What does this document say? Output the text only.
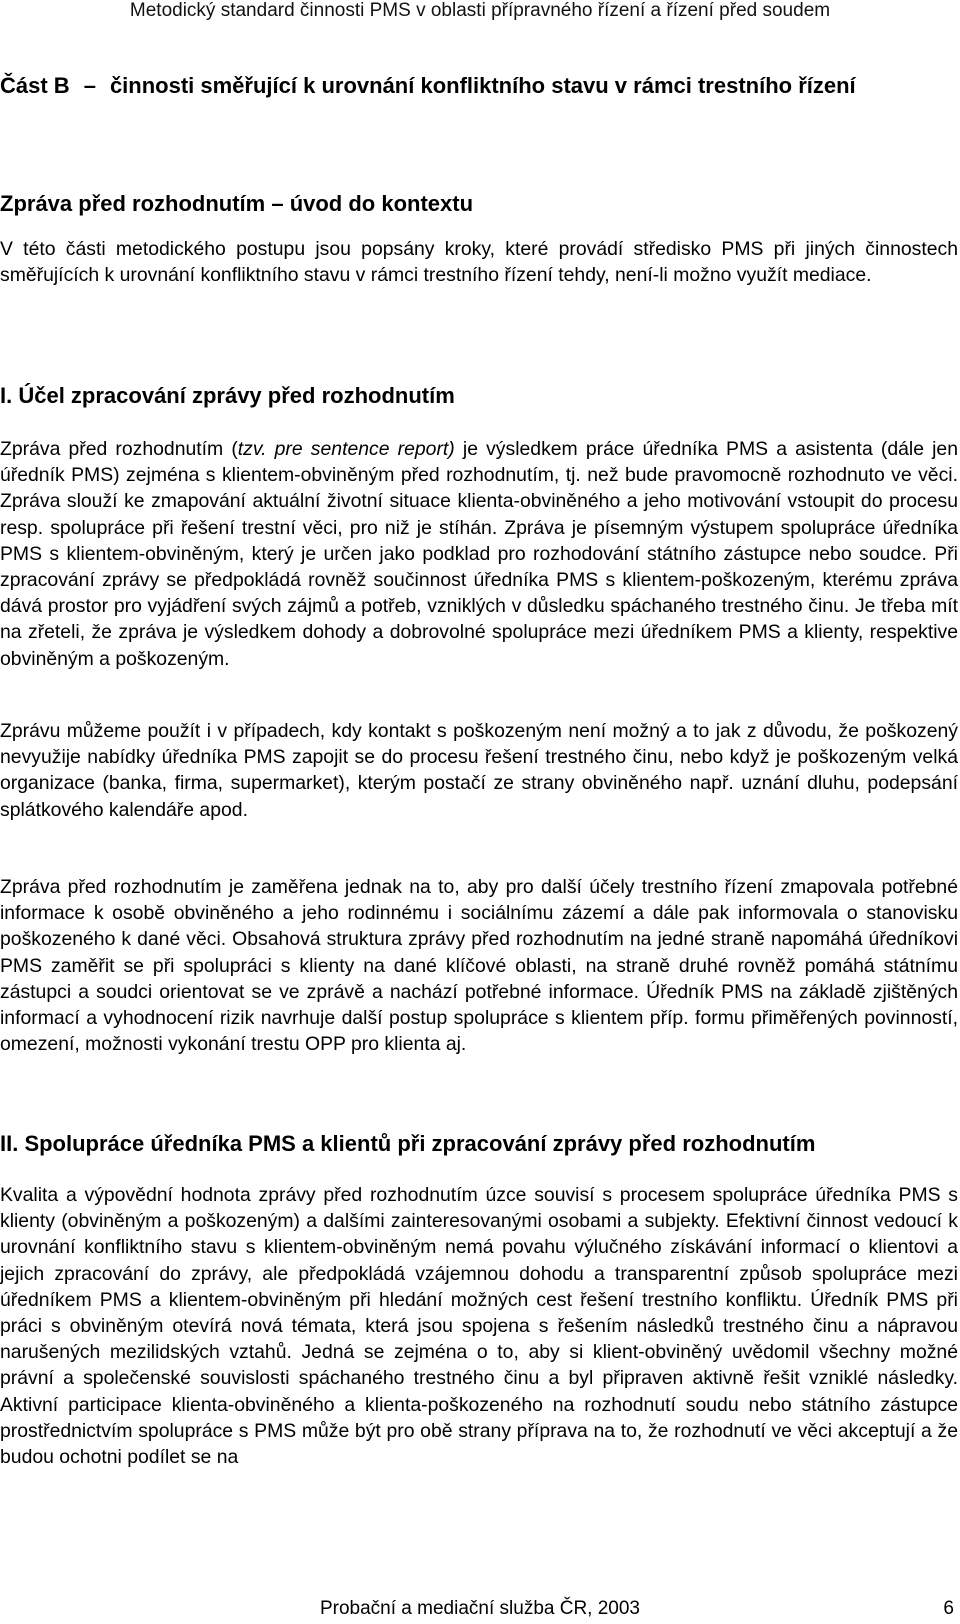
Metodický standard činnosti PMS v oblasti přípravného řízení a řízení před soudem
Část B – činnosti směřující k urovnání konfliktního stavu v rámci trestního řízení
Zpráva před rozhodnutím – úvod do kontextu

V této části metodického postupu jsou popsány kroky, které provádí středisko PMS při jiných činnostech směřujících k urovnání konfliktního stavu v rámci trestního řízení tehdy, není-li možno využít mediace.

I. Účel zpracování zprávy před rozhodnutím

Zpráva před rozhodnutím (tzv. pre sentence report) je výsledkem práce úředníka PMS a asistenta (dále jen úředník PMS) zejména s klientem-obviněným před rozhodnutím, tj. než bude pravomocně rozhodnuto ve věci. Zpráva slouží ke zmapování aktuální životní situace klienta-obviněného a jeho motivování vstoupit do procesu resp. spolupráce při řešení trestní věci, pro niž je stíhán. Zpráva je písemným výstupem spolupráce úředníka PMS s klientem-obviněným, který je určen jako podklad pro rozhodování státního zástupce nebo soudce. Při zpracování zprávy se předpokládá rovněž součinnost úředníka PMS s klientem-poškozeným, kterému zpráva dává prostor pro vyjádření svých zájmů a potřeb, vzniklých v důsledku spáchaného trestného činu. Je třeba mít na zřeteli, že zpráva je výsledkem dohody a dobrovolné spolupráce mezi úředníkem PMS a klienty, respektive obviněným a poškozeným.

Zprávu můžeme použít i v případech, kdy kontakt s poškozeným není možný a to jak z důvodu, že poškozený nevyužije nabídky úředníka PMS zapojit se do procesu řešení trestného činu, nebo když je poškozeným velká organizace (banka, firma, supermarket), kterým postačí ze strany obviněného např. uznání dluhu, podepsání splátkového kalendáře apod.

Zpráva před rozhodnutím je zaměřena jednak na to, aby pro další účely trestního řízení zmapovala potřebné informace k osobě obviněného a jeho rodinnému i sociálnímu zázemí a dále pak informovala o stanovisku poškozeného k dané věci. Obsahová struktura zprávy před rozhodnutím na jedné straně napomáhá úředníkovi PMS zaměřit se při spolupráci s klienty na dané klíčové oblasti, na straně druhé rovněž pomáhá státnímu zástupci a soudci orientovat se ve zprávě a nachází potřebné informace. Úředník PMS na základě zjištěných informací a vyhodnocení rizik navrhuje další postup spolupráce s klientem příp. formu přiměřených povinností, omezení, možnosti vykonání trestu OPP pro klienta aj.

II. Spolupráce úředníka PMS a klientů při zpracování zprávy před rozhodnutím

Kvalita a výpovědní hodnota zprávy před rozhodnutím úzce souvisí s procesem spolupráce úředníka PMS s klienty (obviněným a poškozeným) a dalšími zainteresovanými osobami a subjekty. Efektivní činnost vedoucí k urovnání konfliktního stavu s klientem-obviněným nemá povahu výlučného získávání informací o klientovi a jejich zpracování do zprávy, ale předpokládá vzájemnou dohodu a transparentní způsob spolupráce mezi úředníkem PMS a klientem-obviněným při hledání možných cest řešení trestního konfliktu. Úředník PMS při práci s obviněným otevírá nová témata, která jsou spojena s řešením následků trestného činu a nápravou narušených mezilidských vztahů. Jedná se zejména o to, aby si klient-obviněný uvědomil všechny možné právní a společenské souvislosti spáchaného trestného činu a byl připraven aktivně řešit vzniklé následky. Aktivní participace klienta-obviněného a klienta-poškozeného na rozhodnutí soudu nebo státního zástupce prostřednictvím spolupráce s PMS může být pro obě strany příprava na to, že rozhodnutí ve věci akceptují a že budou ochotni podílet se na

Probační a mediační služba ČR, 2003	6
